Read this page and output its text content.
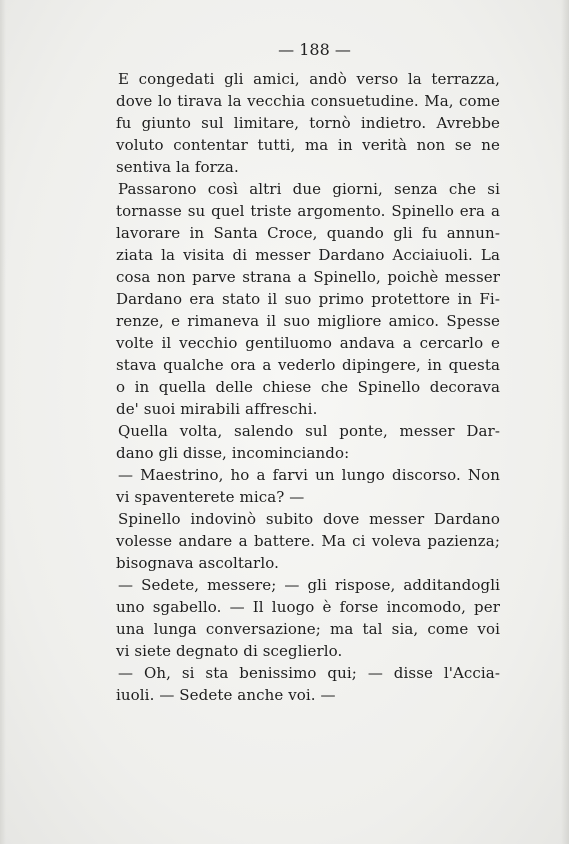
— 188 —
E congedati gli amici, andò verso la terrazza,
dove lo tirava la vecchia consuetudine. Ma, come
fu giunto sul limitare, tornò indietro. Avrebbe
voluto contentar tutti, ma in verità non se ne
sentiva la forza.
Passarono così altri due giorni, senza che si
tornasse su quel triste argomento. Spinello era a
lavorare in Santa Croce, quando gli fu annun-
ziata la visita di messer Dardano Acciaiuoli. La
cosa non parve strana a Spinello, poichè messer
Dardano era stato il suo primo protettore in Fi-
renze, e rimaneva il suo migliore amico. Spesse
volte il vecchio gentiluomo andava a cercarlo e
stava qualche ora a vederlo dipingere, in questa
o in quella delle chiese che Spinello decorava
de' suoi mirabili affreschi.
Quella volta, salendo sul ponte, messer Dar-
dano gli disse, incominciando:
— Maestrino, ho a farvi un lungo discorso. Non
vi spaventerete mica? —
Spinello indovinò subito dove messer Dardano
volesse andare a battere. Ma ci voleva pazienza;
bisognava ascoltarlo.
— Sedete, messere; — gli rispose, additandogli
uno sgabello. — Il luogo è forse incomodo, per
una lunga conversazione; ma tal sia, come voi
vi siete degnato di sceglierlo.
— Oh, si sta benissimo qui; — disse l'Accia-
iuoli. — Sedete anche voi. —
